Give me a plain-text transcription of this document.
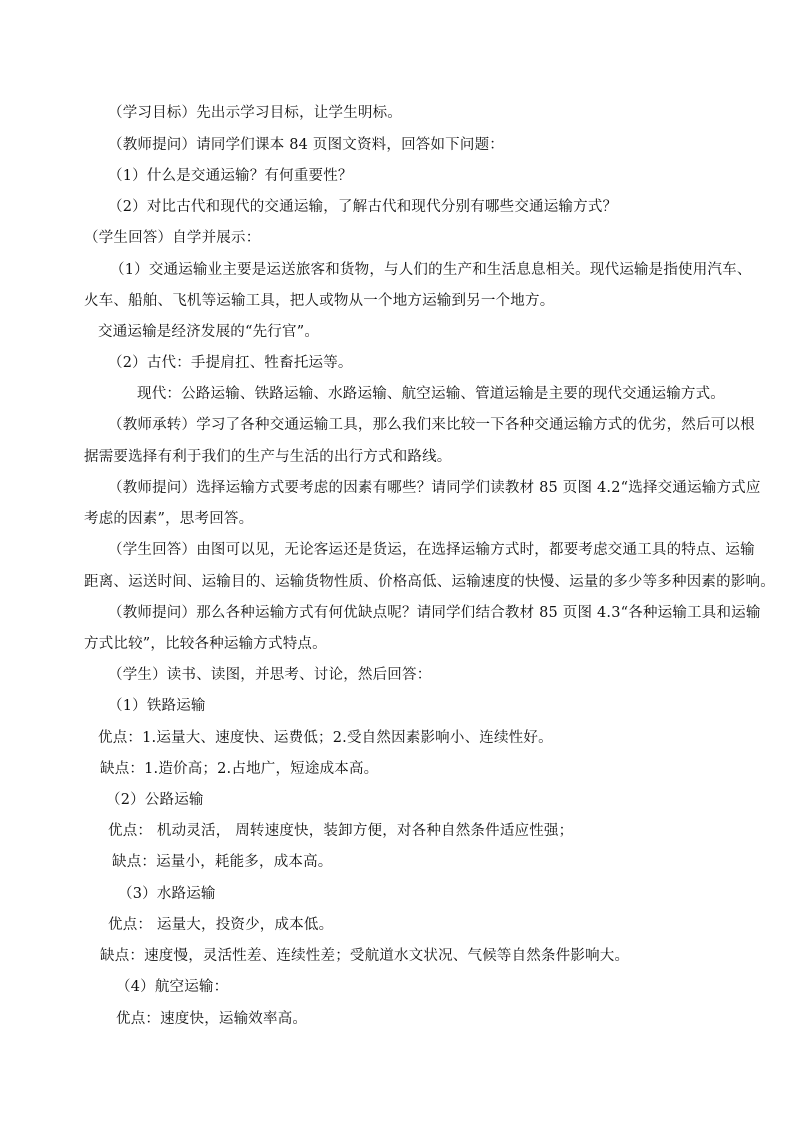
（学习目标）先出示学习目标，让学生明标。
（教师提问）请同学们课本 84 页图文资料，回答如下问题：
（1）什么是交通运输？有何重要性？
（2）对比古代和现代的交通运输，了解古代和现代分别有哪些交通运输方式？
（学生回答）自学并展示：
（1）交通运输业主要是运送旅客和货物，与人们的生产和生活息息相关。现代运输是指使用汽车、
火车、船舶、飞机等运输工具，把人或物从一个地方运输到另一个地方。
交通运输是经济发展的“先行官”。
（2）古代：手提肩扛、牲畜托运等。
现代：公路运输、铁路运输、水路运输、航空运输、管道运输是主要的现代交通运输方式。
（教师承转）学习了各种交通运输工具，那么我们来比较一下各种交通运输方式的优劣，然后可以根
据需要选择有利于我们的生产与生活的出行方式和路线。
（教师提问）选择运输方式要考虑的因素有哪些？请同学们读教材 85 页图 4.2“选择交通运输方式应
考虑的因素”，思考回答。
（学生回答）由图可以见，无论客运还是货运，在选择运输方式时，都要考虑交通工具的特点、运输
距离、运送时间、运输目的、运输货物性质、价格高低、运输速度的快慢、运量的多少等多种因素的影响。
（教师提问）那么各种运输方式有何优缺点呢？请同学们结合教材 85 页图 4.3“各种运输工具和运输
方式比较”，比较各种运输方式特点。
（学生）读书、读图，并思考、讨论，然后回答：
（1）铁路运输
优点：1.运量大、速度快、运费低；2.受自然因素影响小、连续性好。
缺点：1.造价高；2.占地广，短途成本高。
（2）公路运输
优点： 机动灵活， 周转速度快，装卸方便，对各种自然条件适应性强；
缺点：运量小，耗能多，成本高。
（3）水路运输
优点： 运量大，投资少，成本低。
缺点：速度慢，灵活性差、连续性差；受航道水文状况、气候等自然条件影响大。
（4）航空运输：
优点：速度快，运输效率高。
